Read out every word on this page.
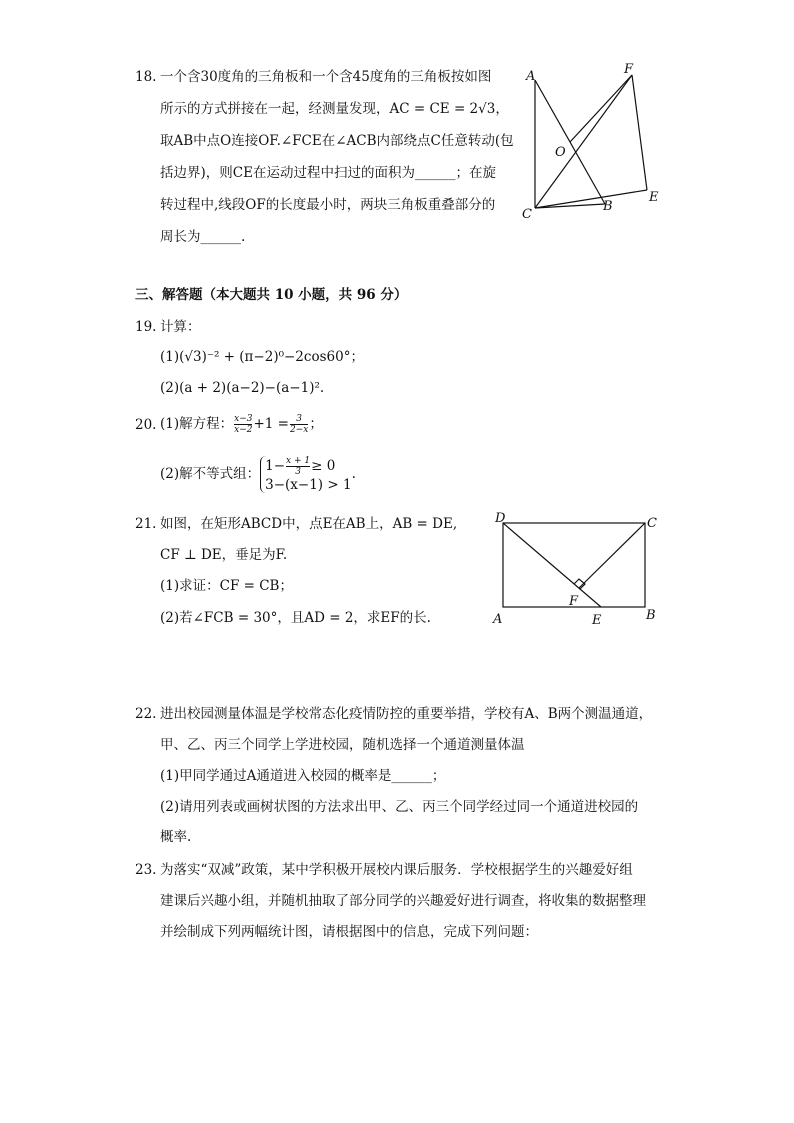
18. 一个含30度角的三角板和一个含45度角的三角板按如图
所示的方式拼接在一起，经测量发现，AC = CE = 2√3，
取AB中点O连接OF.∠FCE在∠ACB内部绕点C任意转动(包
括边界)，则CE在运动过程中扫过的面积为______；在旋
转过程中,线段OF的长度最小时，两块三角板重叠部分的
周长为______.
A	F
O
E
C
B
三、解答题（本大题共 10 小题，共 96 分）
19. 计算：
(1)(√3)⁻² + (π−2)⁰−2cos60°；
(2)(a + 2)(a−2)−(a−1)².
20. (1)解方程： $\frac{x-3}{x-2} +1 = \frac{3}{2-x}$ ；
(2)解不等式组： $1- \frac{x + 1}{3} \ge 0$
3−(x−1) > 1
.
21. 如图，在矩形ABCD中，点E在AB上，AB = DE,
CF ⊥ DE，垂足为F.
(1)求证：CF = CB；
(2)若∠FCB = 30°，且AD = 2，求EF的长.
D	C
F
A	E	B
22. 进出校园测量体温是学校常态化疫情防控的重要举措，学校有A、B两个测温通道，
甲、乙、丙三个同学上学进校园，随机选择一个通道测量体温
(1)甲同学通过A通道进入校园的概率是______；
(2)请用列表或画树状图的方法求出甲、乙、丙三个同学经过同一个通道进校园的
概率.
23. 为落实“双减”政策，某中学积极开展校内课后服务．学校根据学生的兴趣爱好组
建课后兴趣小组，并随机抽取了部分同学的兴趣爱好进行调查，将收集的数据整理
并绘制成下列两幅统计图，请根据图中的信息，完成下列问题：
